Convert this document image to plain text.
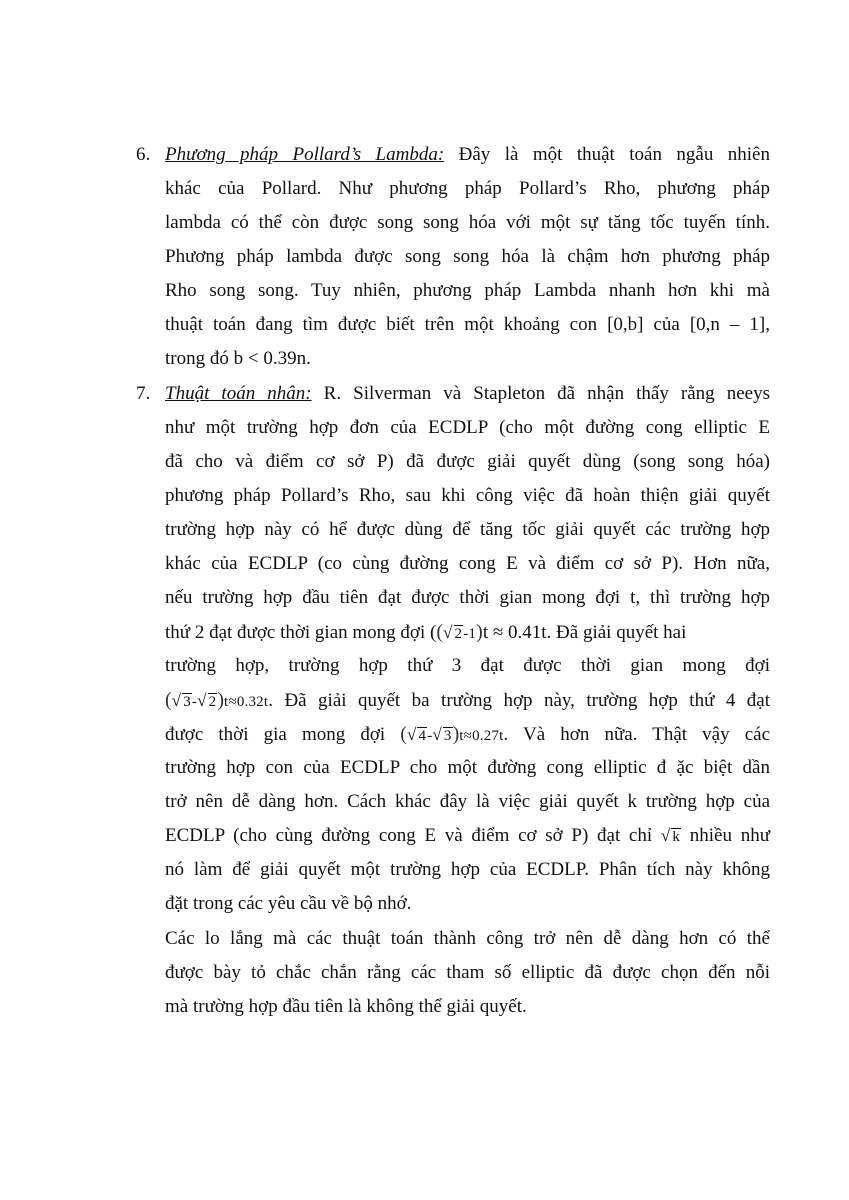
6. Phương pháp Pollard’s Lambda: Đây là một thuật toán ngẫu nhiên
khác của Pollard. Như phương pháp Pollard’s Rho, phương pháp
lambda có thể còn được song song hóa với một sự tăng tốc tuyến tính.
Phương pháp lambda được song song hóa là chậm hơn phương pháp
Rho song song. Tuy nhiên, phương pháp Lambda nhanh hơn khi mà
thuật toán đang tìm được biết trên một khoảng con [0,b] của [0,n – 1],
trong đó b < 0.39n.
7. Thuật toán nhân: R. Silverman và Stapleton đã nhận thấy rằng neeys
như một trường hợp đơn của ECDLP (cho một đường cong elliptic E
đã cho và điểm cơ sở P) đã được giải quyết dùng (song song hóa)
phương pháp Pollard’s Rho, sau khi công việc đã hoàn thiện giải quyết
trường hợp này có hể được dùng để tăng tốc giải quyết các trường hợp
khác của ECDLP (co cùng đường cong E và điểm cơ sở P). Hơn nữa,
nếu trường hợp đầu tiên đạt được thời gian mong đợi t, thì trường hợp
thứ 2 đạt được thời gian mong đợi ((√ 2-1)t ≈ 0.41t. Đã giải quyết hai
trường hợp, trường hợp thứ 3 đạt được thời gian mong đợi
(√ 3-√ 2)t≈0.32t. Đã giải quyết ba trường hợp này, trường hợp thứ 4 đạt
được thời gia mong đợi (√ 4-√ 3)t≈0.27t. Và hơn nữa. Thật vậy các
trường hợp con của ECDLP cho một đường cong elliptic đ ặc biệt dần
trở nên dễ dàng hơn. Cách khác đây là việc giải quyết k trường hợp của
ECDLP (cho cùng đường cong E và điểm cơ sở P) đạt chỉ √ k nhiều như
nó làm để giải quyết một trường hợp của ECDLP. Phân tích này không
đặt trong các yêu cầu về bộ nhớ.
Các lo lắng mà các thuật toán thành công trở nên dễ dàng hơn có thể
được bày tỏ chắc chắn rằng các tham số elliptic đã được chọn đến nỗi
mà trường hợp đầu tiên là không thể giải quyết.
